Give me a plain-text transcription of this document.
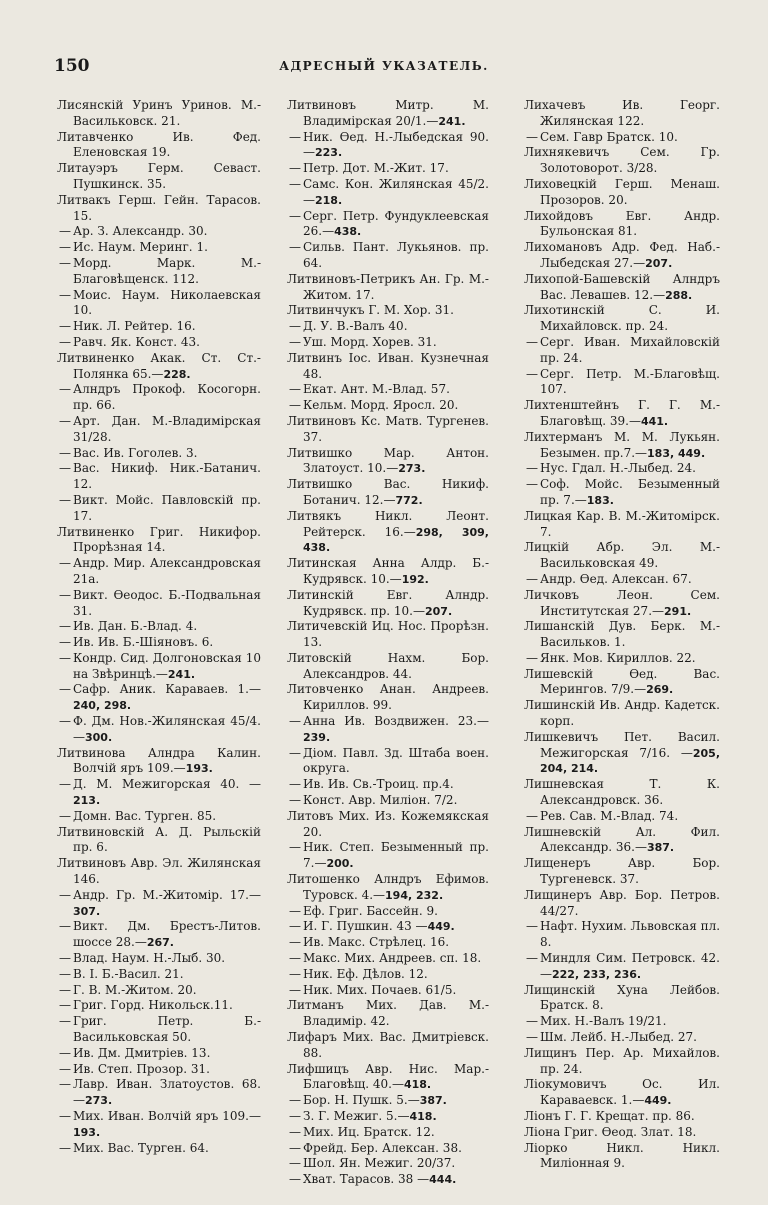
150	АДРЕСНЫЙ УКАЗАТЕЛЬ.

Лисянскій Уринъ Уринов. М.-Васильковск. 21.

Литавченко Ив. Фед. Еленовская 19.

Литауэръ Герм. Севаст. Пушкинск. 35.

Литвакъ Герш. Гейн. Тарасов. 15.

— Ар. З. Александр. 30.

— Ис. Наум. Меринг. 1.

— Морд. Марк. М.-Благовѣщенск. 112.

— Моис. Наум. Николаевская 10.

— Ник. Л. Рейтер. 16.

— Равч. Як. Конст. 43.

Литвиненко Акак. Ст. Ст.-Полянка 65.—228.

— Алндръ Прокоф. Косогорн. пр. 66.

— Арт. Дан. М.-Владимірская 31/28.

— Вас. Ив. Гоголев. 3.

— Вас. Никиф. Ник.-Батанич. 12.

— Викт. Мойс. Павловскій пр. 17.

Литвиненко Григ. Никифор. Прорѣзная 14.

— Андр. Мир. Александровская 21а.

— Викт. Өеодос. Б.-Подвальная 31.

— Ив. Дан. Б.-Влад. 4.

— Ив. Ив. Б.-Шіяновъ. 6.

— Кондр. Сид. Долгоновская 10 на Звѣринцѣ.—241.

— Сафр. Аник. Караваев. 1.—240, 298.

— Ф. Дм. Нов.-Жилянская 45/4.—300.

Литвинова Алндра Калин. Волчій яръ 109.—193.

— Д. М. Межигорская 40. —213.

— Домн. Вас. Турген. 85.

Литвиновскій А. Д. Рыльскій пр. 6.

Литвиновъ Авр. Эл. Жилянская 146.

— Андр. Гр. М.-Житомір. 17.—307.

— Викт. Дм. Брестъ-Литов. шоссе 28.—267.

— Влад. Наум. Н.-Лыб. 30.

— В. І. Б.-Васил. 21.

— Г. В. М.-Житом. 20.

— Григ. Горд. Никольск.11.

— Григ. Петр. Б.-Васильковская 50.

— Ив. Дм. Дмитріев. 13.

— Ив. Степ. Прозор. 31.

— Лавр. Иван. Златоустов. 68.—273.

— Мих. Иван. Волчій яръ 109.—193.

— Мих. Вас. Турген. 64.

Литвиновъ Митр. М. Владимірская 20/1.—241.

— Ник. Өед. Н.-Лыбедская 90.—223.

— Петр. Дот. М.-Жит. 17.

— Самс. Кон. Жилянская 45/2.—218.

— Серг. Петр. Фундуклеевская 26.—438.

— Сильв. Пант. Лукьянов. пр. 64.

Литвиновъ-Петрикъ Ан. Гр. М.-Житом. 17.

Литвинчукъ Г. М. Хор. 31.

— Д. У. В.-Валъ 40.

— Уш. Морд. Хорев. 31.

Литвинъ Іос. Иван. Кузнечная 48.

— Екат. Ант. М.-Влад. 57.

— Кельм. Морд. Яросл. 20.

Литвиновъ Кс. Матв. Тургенев. 37.

Литвишко Мар. Антон. Златоуст. 10.—273.

Литвишко Вас. Никиф. Ботанич. 12.—772.

Литвякъ Никл. Леонт. Рейтерск. 16.—298, 309, 438.

Литинская Анна Алдр. Б.-Кудрявск. 10.—192.

Литинскій Евг. Алндр. Кудрявск. пр. 10.—207.

Литичевскій Иц. Нос. Прорѣзн. 13.

Литовскій Нахм. Бор. Александров. 44.

Литовченко Анан. Андреев. Кириллов. 99.

— Анна Ив. Воздвижен. 23.—239.

— Діом. Павл. Зд. Штаба воен. округа.

— Ив. Ив. Св.-Троиц. пр.4.

— Конст. Авр. Миліон. 7/2.

Литовъ Мих. Из. Кожемякская 20.

— Ник. Степ. Безыменный пр. 7.—200.

Литошенко Алндръ Ефимов. Туровск. 4.—194, 232.

— Еф. Григ. Бассейн. 9.

— И. Г. Пушкин. 43 —449.

— Ив. Макс. Стрѣлец. 16.

— Макс. Мих. Андреев. сп. 18.

— Ник. Еф. Дѣлов. 12.

— Ник. Мих. Почаев. 61/5.

Литманъ Мих. Дав. М.-Владимір. 42.

Лифаръ Мих. Вас. Дмитріевск. 88.

Лифшицъ Авр. Нис. Мар.-Благовѣщ. 40.—418.

— Бор. Н. Пушк. 5.—387.

— З. Г. Межиг. 5.—418.

— Мих. Иц. Братск. 12.

— Фрейд. Бер. Алексан. 38.

— Шол. Ян. Межиг. 20/37.

— Хват. Тарасов. 38 —444.

Лихачевъ Ив. Георг. Жилянская 122.

— Сем. Гавр Братск. 10.

Лихнякевичъ Сем. Гр. Золотоворот. 3/28.

Лиховецкій Герш. Менаш. Прозоров. 20.

Лихойдовъ Евг. Андр. Бульонская 81.

Лихомановъ Адр. Фед. Наб.-Лыбедская 27.—207.

Лихопой-Башевскій Алндръ Вас. Левашев. 12.—288.

Лихотинскій С. И. Михайловск. пр. 24.

— Серг. Иван. Михайловскій пр. 24.

— Серг. Петр. М.-Благовѣщ. 107.

Лихтенштейнъ Г. Г. М.-Благовѣщ. 39.—441.

Лихтерманъ М. М. Лукьян. Безымен. пр.7.—183, 449.

— Нус. Гдал. Н.-Лыбед. 24.

— Соф. Мойс. Безыменный пр. 7.—183.

Лицкая Кар. В. М.-Житомірск. 7.

Лицкій Абр. Эл. М.-Васильковская 49.

— Андр. Өед. Алексан. 67.

Личковъ Леон. Сем. Институтская 27.—291.

Лишанскій Дув. Берк. М.-Васильков. 1.

— Янк. Мов. Кириллов. 22.

Лишевскій Өед. Вас. Мерингов. 7/9.—269.

Лишинскій Ив. Андр. Кадетск. корп.

Лишкевичъ Пет. Васил. Межигорская 7/16. —205, 204, 214.

Лишневская Т. К. Александровск. 36.

— Рев. Сав. М.-Влад. 74.

Лишневскій Ал. Фил. Александр. 36.—387.

Лищенеръ Авр. Бор. Тургеневск. 37.

Лищинеръ Авр. Бор. Петров. 44/27.

— Нафт. Нухим. Львовская пл. 8.

— Миндля Сим. Петровск. 42.—222, 233, 236.

Лищинскій Хуна Лейбов. Братск. 8.

— Мих. Н.-Валъ 19/21.

— Шм. Лейб. Н.-Лыбед. 27.

Лищинъ Пер. Ар. Михайлов. пр. 24.

Ліокумовичъ Ос. Ил. Караваевск. 1.—449.

Ліонъ Г. Г. Крещат. пр. 86.

Ліона Григ. Өеод. Злат. 18.

Ліорко Никл. Никл. Миліонная 9.
